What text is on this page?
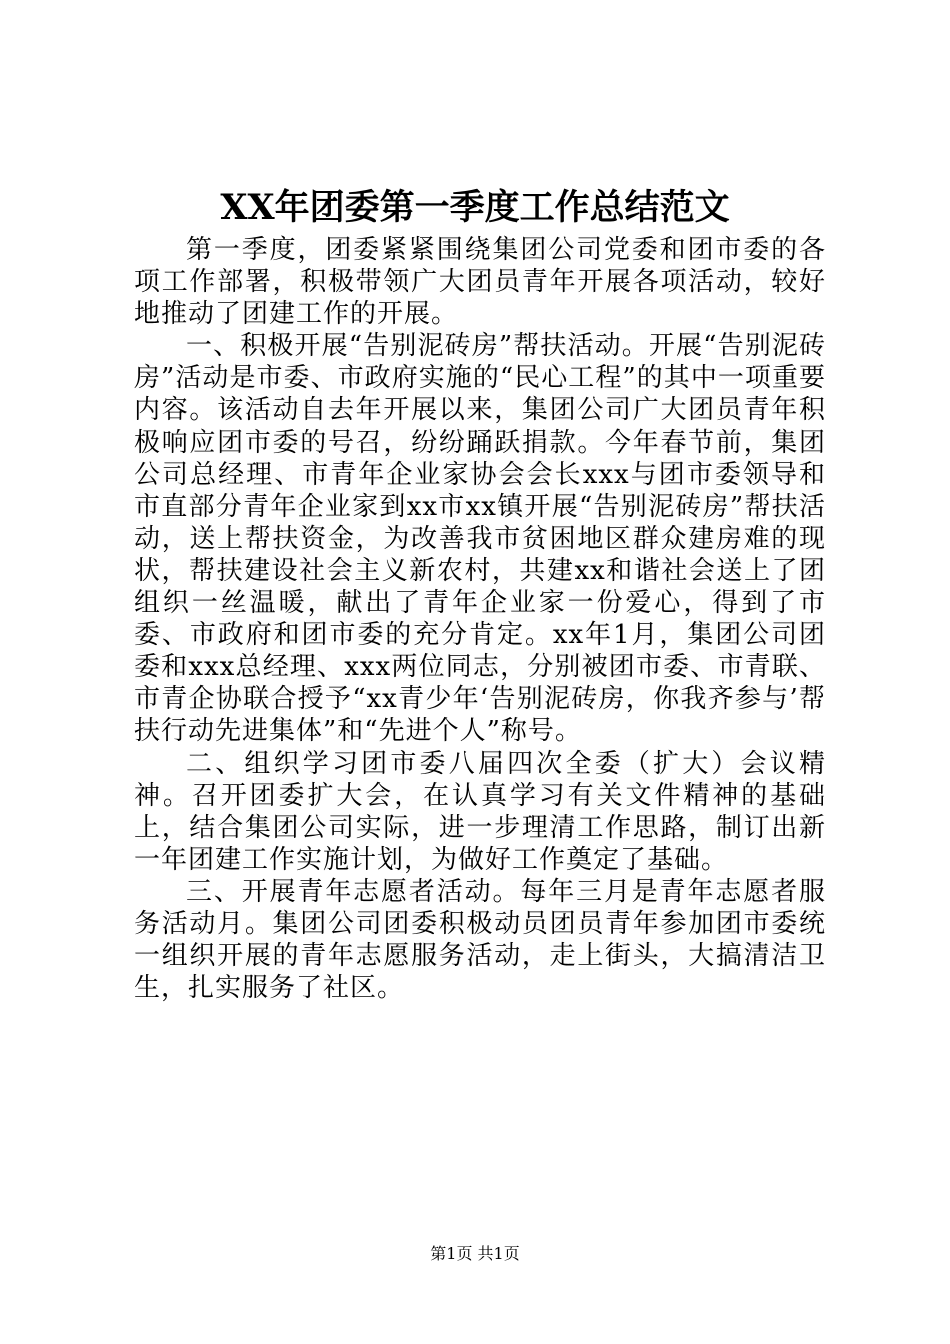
XX年团委第一季度工作总结范文

第一季度，团委紧紧围绕集团公司党委和团市委的各项工作部署，积极带领广大团员青年开展各项活动，较好地推动了团建工作的开展。

一、积极开展“告别泥砖房”帮扶活动。开展“告别泥砖房”活动是市委、市政府实施的“民心工程”的其中一项重要内容。该活动自去年开展以来，集团公司广大团员青年积极响应团市委的号召，纷纷踊跃捐款。今年春节前，集团公司总经理、市青年企业家协会会长xxx与团市委领导和市直部分青年企业家到xx市xx镇开展“告别泥砖房”帮扶活动，送上帮扶资金，为改善我市贫困地区群众建房难的现状，帮扶建设社会主义新农村，共建xx和谐社会送上了团组织一丝温暖，献出了青年企业家一份爱心，得到了市委、市政府和团市委的充分肯定。xx年1月，集团公司团委和xxx总经理、xxx两位同志，分别被团市委、市青联、市青企协联合授予“xx青少年‘告别泥砖房，你我齐参与’帮扶行动先进集体”和“先进个人”称号。

二、组织学习团市委八届四次全委（扩大）会议精神。召开团委扩大会，在认真学习有关文件精神的基础上，结合集团公司实际，进一步理清工作思路，制订出新一年团建工作实施计划，为做好工作奠定了基础。

三、开展青年志愿者活动。每年三月是青年志愿者服务活动月。集团公司团委积极动员团员青年参加团市委统一组织开展的青年志愿服务活动，走上街头，大搞清洁卫生，扎实服务了社区。

第1页 共1页
